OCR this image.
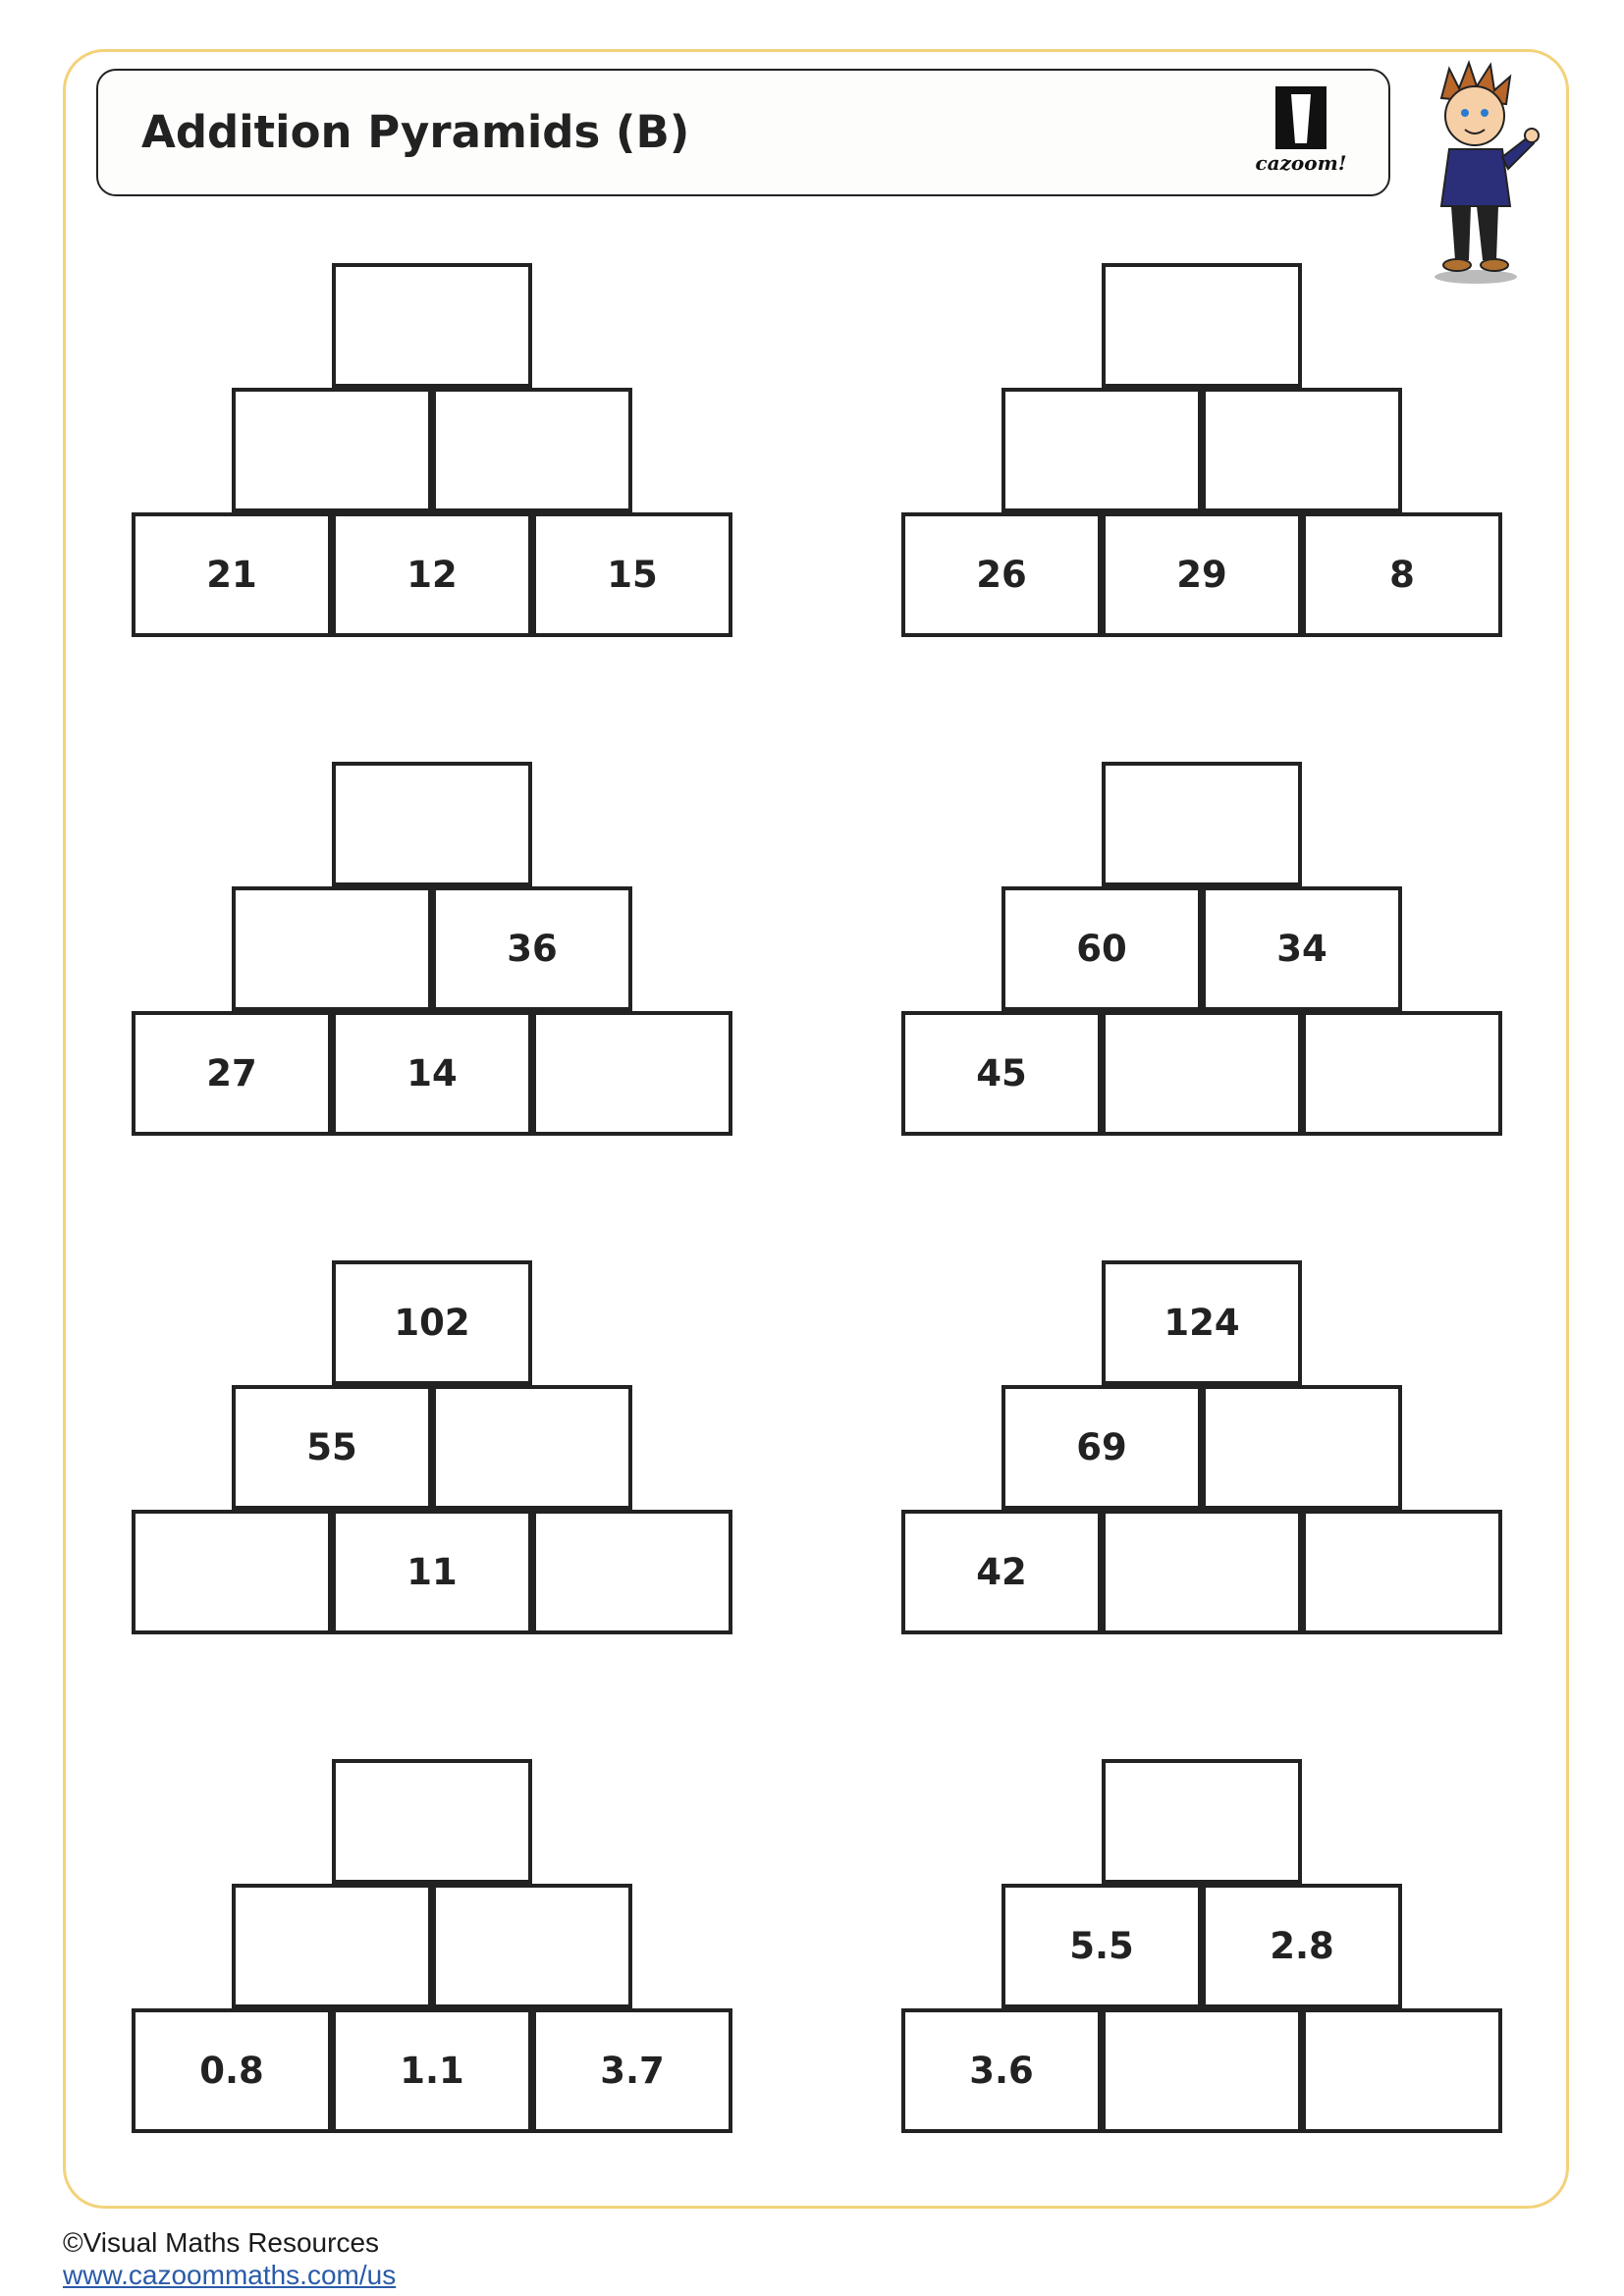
Addition Pyramids (B)
cazoom!
21	12	15	26	29	8
36
27	14
60	34
45
102
55
11
124
69
42
0.8	1.1	3.7
5.5	2.8
3.6
©Visual Maths Resources
www.cazoommaths.com/us
